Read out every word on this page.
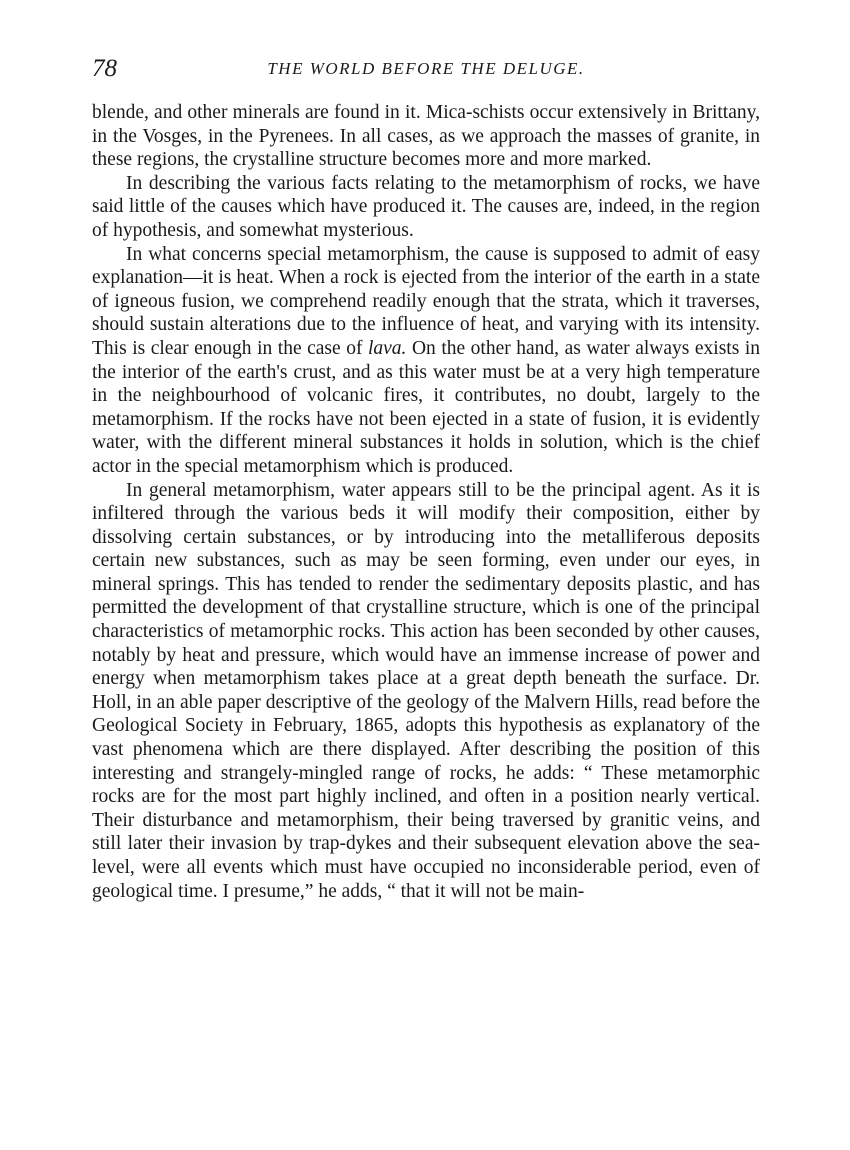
78	THE WORLD BEFORE THE DELUGE.

blende, and other minerals are found in it. Mica-schists occur extensively in Brittany, in the Vosges, in the Pyrenees. In all cases, as we approach the masses of granite, in these regions, the crystalline structure becomes more and more marked.

In describing the various facts relating to the metamorphism of rocks, we have said little of the causes which have produced it. The causes are, indeed, in the region of hypothesis, and somewhat mysterious.

In what concerns special metamorphism, the cause is supposed to admit of easy explanation—it is heat. When a rock is ejected from the interior of the earth in a state of igneous fusion, we comprehend readily enough that the strata, which it traverses, should sustain alterations due to the influence of heat, and varying with its intensity. This is clear enough in the case of lava. On the other hand, as water always exists in the interior of the earth's crust, and as this water must be at a very high temperature in the neighbourhood of volcanic fires, it contributes, no doubt, largely to the metamorphism. If the rocks have not been ejected in a state of fusion, it is evidently water, with the different mineral substances it holds in solution, which is the chief actor in the special metamorphism which is produced.

In general metamorphism, water appears still to be the principal agent. As it is infiltered through the various beds it will modify their composition, either by dissolving certain substances, or by introducing into the metalliferous deposits certain new substances, such as may be seen forming, even under our eyes, in mineral springs. This has tended to render the sedimentary deposits plastic, and has permitted the development of that crystalline structure, which is one of the principal characteristics of metamorphic rocks. This action has been seconded by other causes, notably by heat and pressure, which would have an immense increase of power and energy when metamorphism takes place at a great depth beneath the surface. Dr. Holl, in an able paper descriptive of the geology of the Malvern Hills, read before the Geological Society in February, 1865, adopts this hypothesis as explanatory of the vast phenomena which are there displayed. After describing the position of this interesting and strangely-mingled range of rocks, he adds: “ These metamorphic rocks are for the most part highly inclined, and often in a position nearly vertical. Their disturbance and metamorphism, their being traversed by granitic veins, and still later their invasion by trap-dykes and their subsequent elevation above the sea-level, were all events which must have occupied no inconsiderable period, even of geological time. I presume,” he adds, “ that it will not be main-
